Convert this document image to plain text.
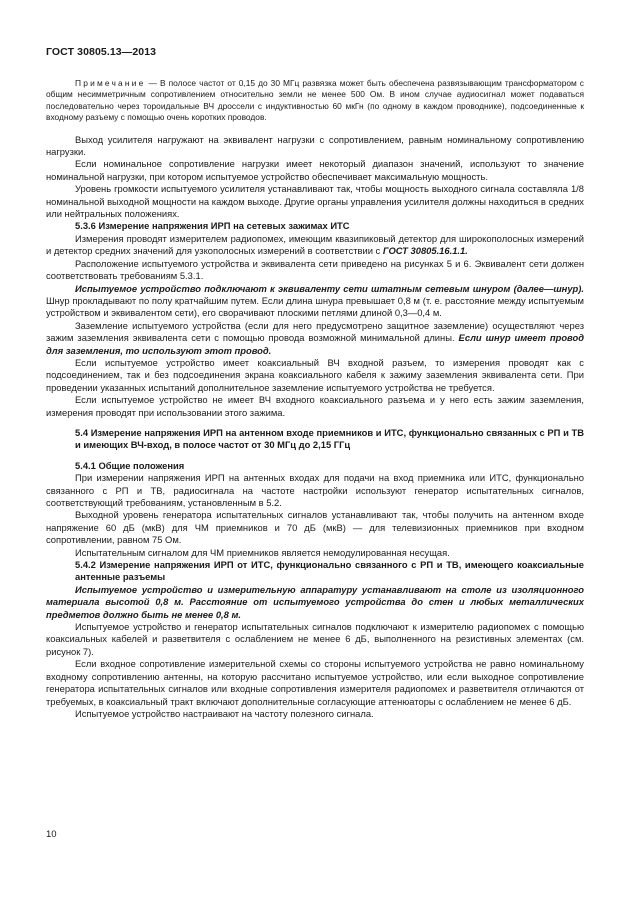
ГОСТ 30805.13—2013

Примечание — В полосе частот от 0,15 до 30 МГц развязка может быть обеспечена развязывающим трансформатором с общим несимметричным сопротивлением относительно земли не менее 500 Ом. В ином случае аудиосигнал может подаваться последовательно через тороидальные ВЧ дроссели с индуктивностью 60 мкГн (по одному в каждом проводнике), подсоединенные к входному разъему с помощью очень коротких проводов.

Выход усилителя нагружают на эквивалент нагрузки с сопротивлением, равным номинальному сопротивлению нагрузки.

Если номинальное сопротивление нагрузки имеет некоторый диапазон значений, используют то значение номинальной нагрузки, при котором испытуемое устройство обеспечивает максимальную мощность.

Уровень громкости испытуемого усилителя устанавливают так, чтобы мощность выходного сигнала составляла 1/8 номинальной выходной мощности на каждом выходе. Другие органы управления усилителя должны находиться в средних или нейтральных положениях.

5.3.6 Измерение напряжения ИРП на сетевых зажимах ИТС

Измерения проводят измерителем радиопомех, имеющим квазипиковый детектор для широкополосных измерений и детектор средних значений для узкополосных измерений в соответствии с ГОСТ 30805.16.1.1.

Расположение испытуемого устройства и эквивалента сети приведено на рисунках 5 и 6. Эквивалент сети должен соответствовать требованиям 5.3.1.

Испытуемое устройство подключают к эквиваленту сети штатным сетевым шнуром (далее—шнур). Шнур прокладывают по полу кратчайшим путем. Если длина шнура превышает 0,8 м (т. е. расстояние между испытуемым устройством и эквивалентом сети), его сворачивают плоскими петлями длиной 0,3—0,4 м.

Заземление испытуемого устройства (если для него предусмотрено защитное заземление) осуществляют через зажим заземления эквивалента сети с помощью провода возможной минимальной длины. Если шнур имеет провод для заземления, то используют этот провод.

Если испытуемое устройство имеет коаксиальный ВЧ входной разъем, то измерения проводят как с подсоединением, так и без подсоединения экрана коаксиального кабеля к зажиму заземления эквивалента сети. При проведении указанных испытаний дополнительное заземление испытуемого устройства не требуется.

Если испытуемое устройство не имеет ВЧ входного коаксиального разъема и у него есть зажим заземления, измерения проводят при использовании этого зажима.

5.4 Измерение напряжения ИРП на антенном входе приемников и ИТС, функционально связанных с РП и ТВ и имеющих ВЧ-вход, в полосе частот от 30 МГц до 2,15 ГГц
5.4.1 Общие положения

При измерении напряжения ИРП на антенных входах для подачи на вход приемника или ИТС, функционально связанного с РП и ТВ, радиосигнала на частоте настройки используют генератор испытательных сигналов, соответствующий требованиям, установленным в 5.2.

Выходной уровень генератора испытательных сигналов устанавливают так, чтобы получить на антенном входе напряжение 60 дБ (мкВ) для ЧМ приемников и 70 дБ (мкВ) — для телевизионных приемников при входном сопротивлении, равном 75 Ом.

Испытательным сигналом для ЧМ приемников является немодулированная несущая.

5.4.2 Измерение напряжения ИРП от ИТС, функционально связанного с РП и ТВ, имеющего коаксиальные антенные разъемы

Испытуемое устройство и измерительную аппаратуру устанавливают на столе из изоляционного материала высотой 0,8 м. Расстояние от испытуемого устройства до стен и любых металлических предметов должно быть не менее 0,8 м.

Испытуемое устройство и генератор испытательных сигналов подключают к измерителю радиопомех с помощью коаксиальных кабелей и разветвителя с ослаблением не менее 6 дБ, выполненного на резистивных элементах (см. рисунок 7).

Если входное сопротивление измерительной схемы со стороны испытуемого устройства не равно номинальному входному сопротивлению антенны, на которую рассчитано испытуемое устройство, или если выходное сопротивление генератора испытательных сигналов или входные сопротивления измерителя радиопомех и разветвителя отличаются от требуемых, в коаксиальный тракт включают дополнительные согласующие аттенюаторы с ослаблением не менее 6 дБ.

Испытуемое устройство настраивают на частоту полезного сигнала.

10
